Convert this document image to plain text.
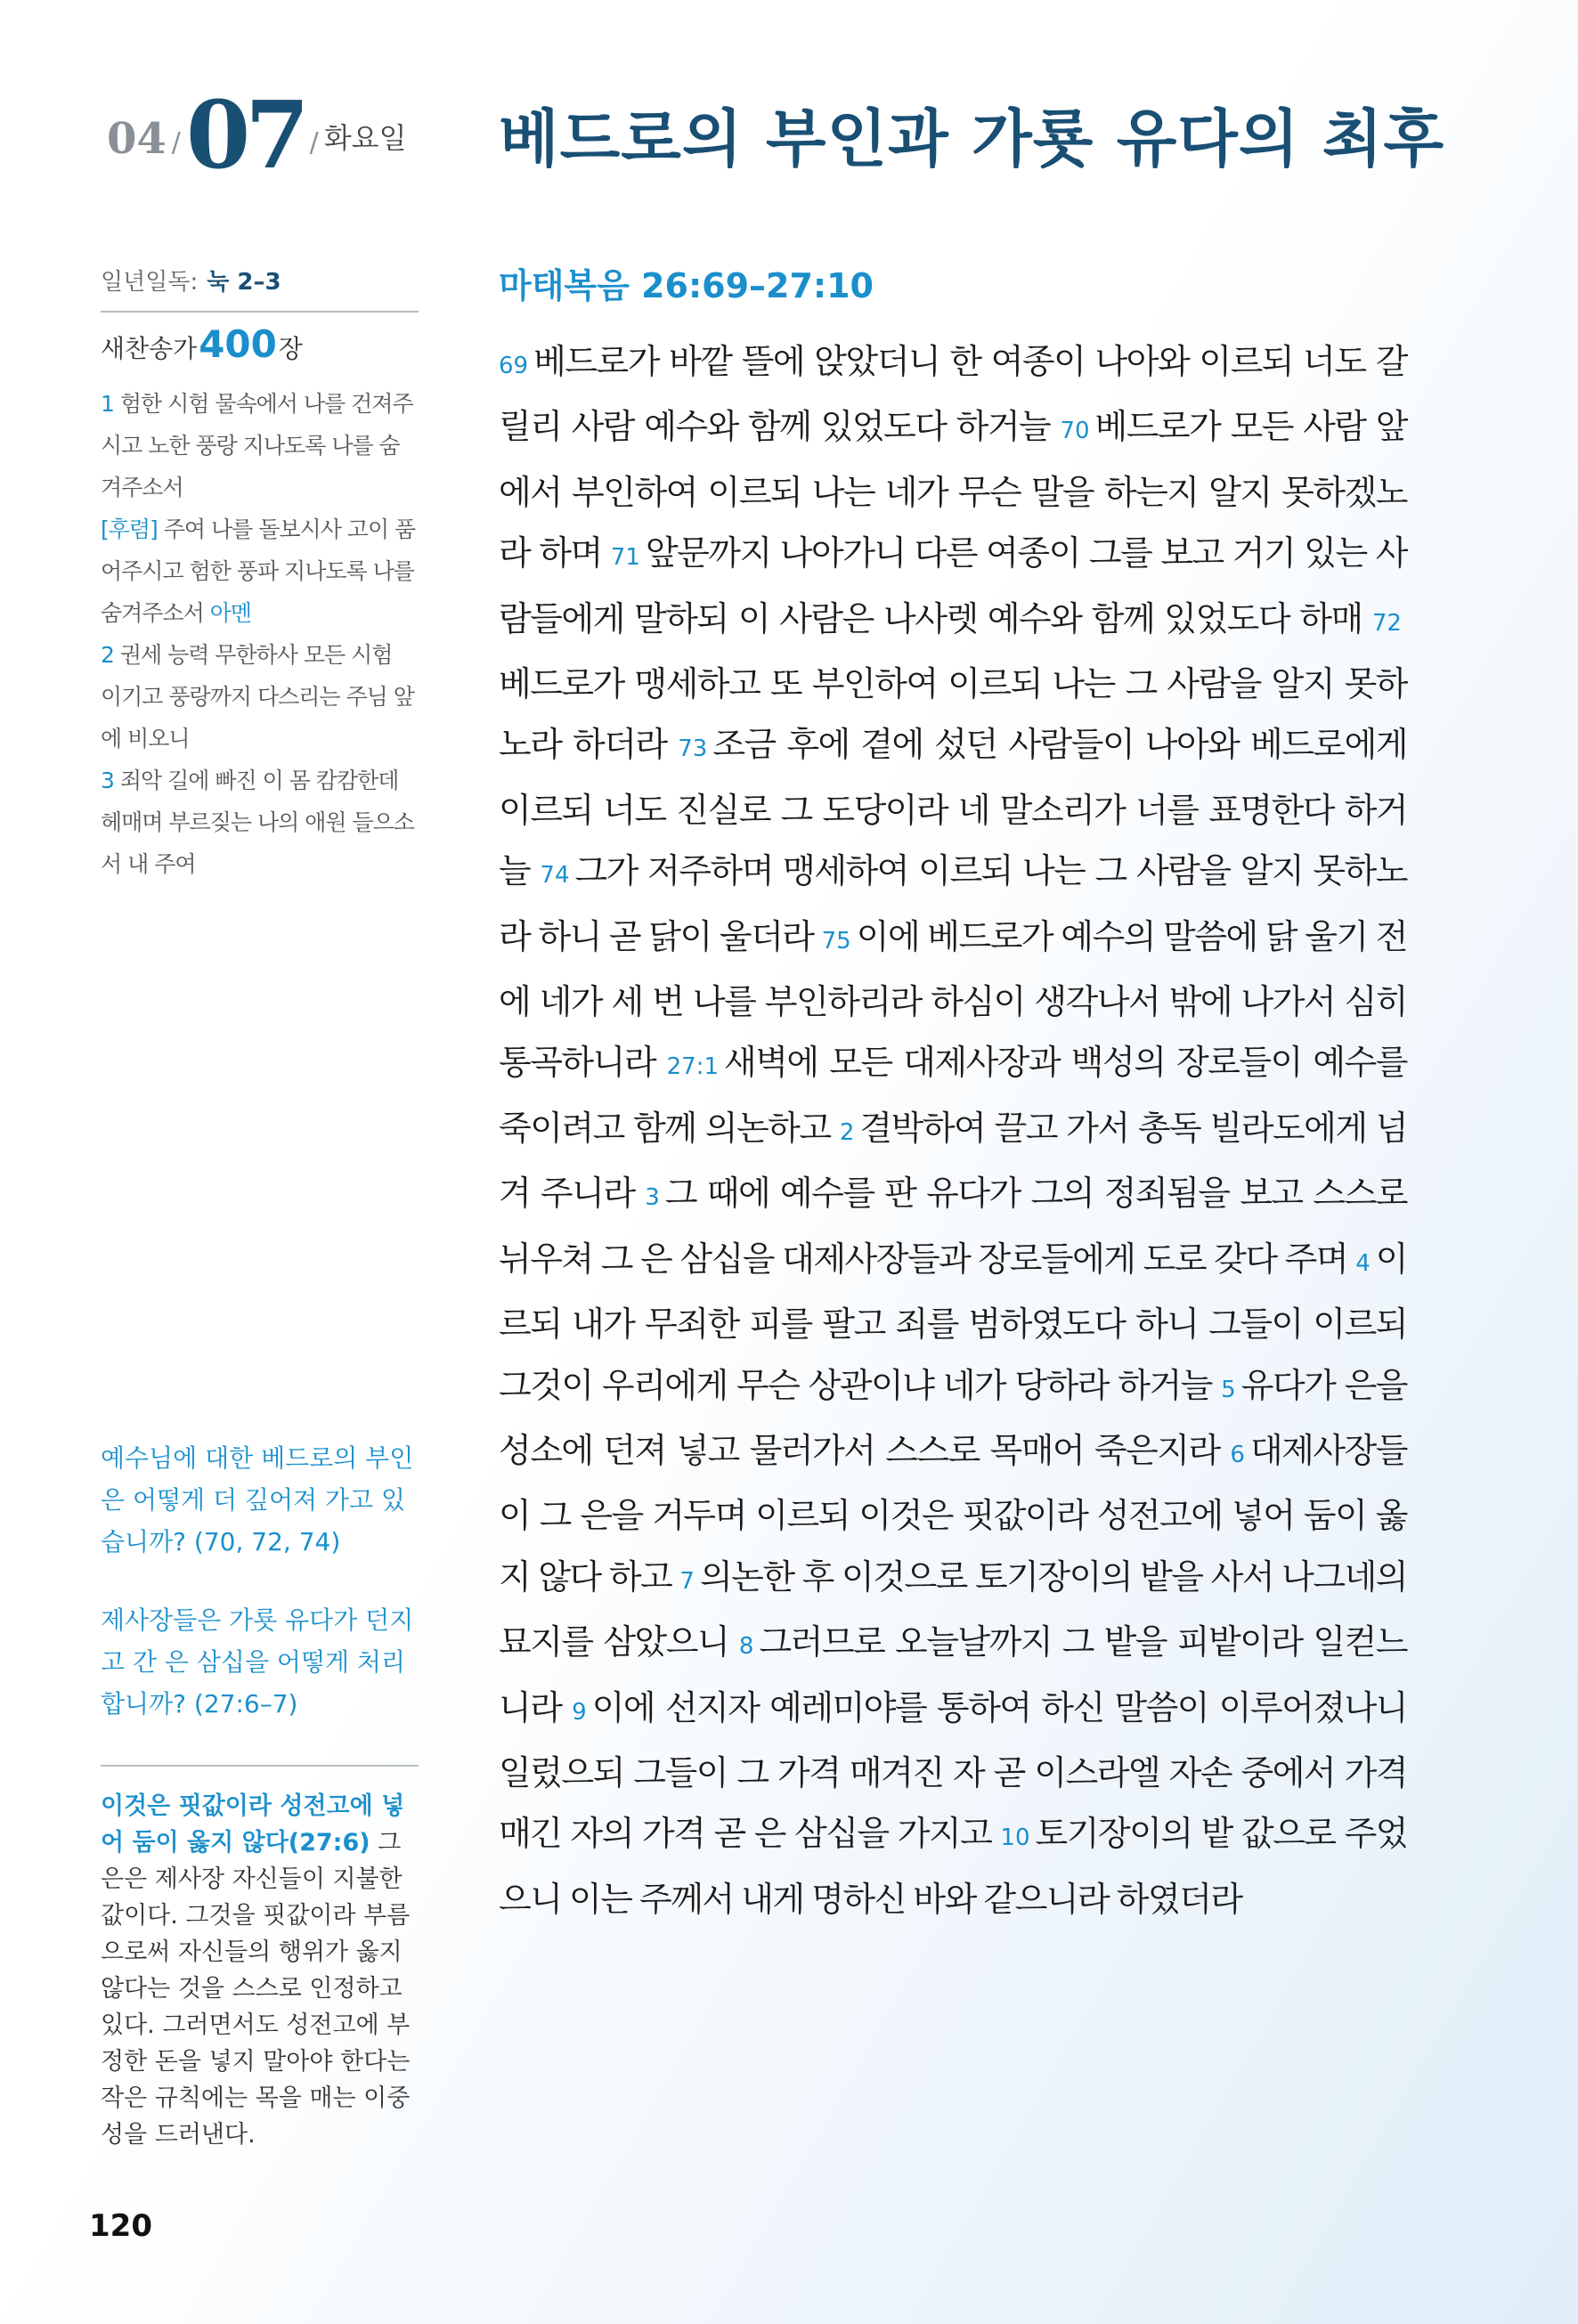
04 / 07 / 화요일 베드로의 부인과 가룟 유다의 최후
일년일독: 눅 2–3
새찬송가400장

1 험한 시험 물속에서 나를 건져주시고 노한 풍랑 지나도록 나를 숨겨주소서

[후렴] 주여 나를 돌보시사 고이 품어주시고 험한 풍파 지나도록 나를 숨겨주소서 아멘

2 권세 능력 무한하사 모든 시험 이기고 풍랑까지 다스리는 주님 앞에 비오니

3 죄악 길에 빠진 이 몸 캄캄한데 헤매며 부르짖는 나의 애원 들으소서 내 주여

예수님에 대한 베드로의 부인은 어떻게 더 깊어져 가고 있습니까? (70, 72, 74)

제사장들은 가룟 유다가 던지고 간 은 삼십을 어떻게 처리합니까? (27:6–7)

이것은 핏값이라 성전고에 넣어 둠이 옳지 않다(27:6) 그 은은 제사장 자신들이 지불한 값이다. 그것을 핏값이라 부름으로써 자신들의 행위가 옳지 않다는 것을 스스로 인정하고 있다. 그러면서도 성전고에 부정한 돈을 넣지 말아야 한다는 작은 규칙에는 목을 매는 이중성을 드러낸다.

120
마태복음 26:69–27:10
69 베드로가 바깥 뜰에 앉았더니 한 여종이 나아와 이르되 너도 갈릴리 사람 예수와 함께 있었도다 하거늘 70 베드로가 모든 사람 앞에서 부인하여 이르되 나는 네가 무슨 말을 하는지 알지 못하겠노라 하며 71 앞문까지 나아가니 다른 여종이 그를 보고 거기 있는 사람들에게 말하되 이 사람은 나사렛 예수와 함께 있었도다 하매 72베드로가 맹세하고 또 부인하여 이르되 나는 그 사람을 알지 못하노라 하더라 73 조금 후에 곁에 섰던 사람들이 나아와 베드로에게 이르되 너도 진실로 그 도당이라 네 말소리가 너를 표명한다 하거늘 74 그가 저주하며 맹세하여 이르되 나는 그 사람을 알지 못하노라 하니 곧 닭이 울더라 75 이에 베드로가 예수의 말씀에 닭 울기 전에 네가 세 번 나를 부인하리라 하심이 생각나서 밖에 나가서 심히 통곡하니라 27:1 새벽에 모든 대제사장과 백성의 장로들이 예수를 죽이려고 함께 의논하고 2 결박하여 끌고 가서 총독 빌라도에게 넘겨 주니라 3 그 때에 예수를 판 유다가 그의 정죄됨을 보고 스스로 뉘우쳐 그 은 삼십을 대제사장들과 장로들에게 도로 갖다 주며 4 이르되 내가 무죄한 피를 팔고 죄를 범하였도다 하니 그들이 이르되 그것이 우리에게 무슨 상관이냐 네가 당하라 하거늘 5 유다가 은을 성소에 던져 넣고 물러가서 스스로 목매어 죽은지라 6 대제사장들이 그 은을 거두며 이르되 이것은 핏값이라 성전고에 넣어 둠이 옳지 않다 하고 7 의논한 후 이것으로 토기장이의 밭을 사서 나그네의 묘지를 삼았으니 8 그러므로 오늘날까지 그 밭을 피밭이라 일컫느니라 9 이에 선지자 예레미야를 통하여 하신 말씀이 이루어졌나니 일렀으되 그들이 그 가격 매겨진 자 곧 이스라엘 자손 중에서 가격 매긴 자의 가격 곧 은 삼십을 가지고 10 토기장이의 밭 값으로 주었으니 이는 주께서 내게 명하신 바와 같으니라 하였더라
